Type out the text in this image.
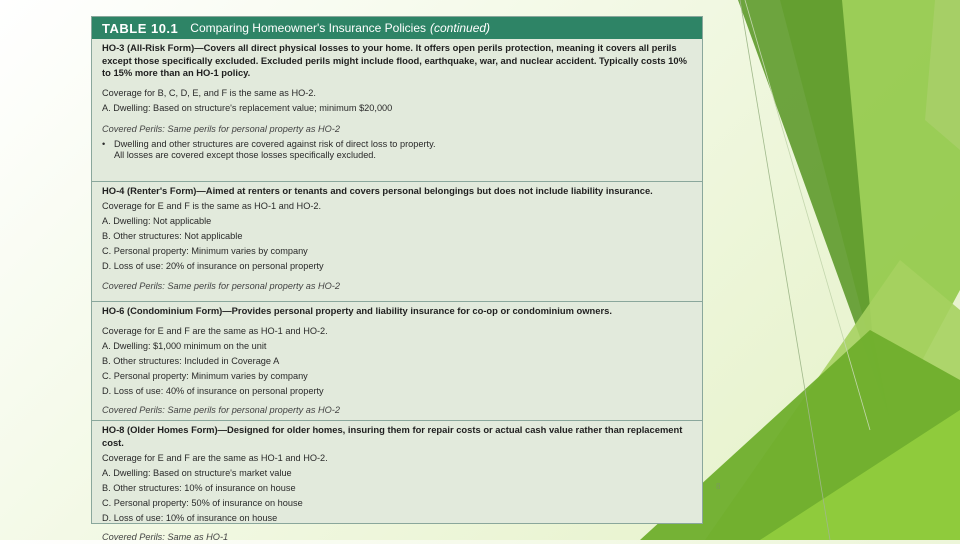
TABLE 10.1 Comparing Homeowner's Insurance Policies (continued)
HO-3 (All-Risk Form)—Covers all direct physical losses to your home. It offers open perils protection, meaning it covers all perils except those specifically excluded. Excluded perils might include flood, earthquake, war, and nuclear accident. Typically costs 10% to 15% more than an HO-1 policy.
Coverage for B, C, D, E, and F is the same as HO-2.
A. Dwelling: Based on structure's replacement value; minimum $20,000
Covered Perils: Same perils for personal property as HO-2
• Dwelling and other structures are covered against risk of direct loss to property.
All losses are covered except those losses specifically excluded.
HO-4 (Renter's Form)—Aimed at renters or tenants and covers personal belongings but does not include liability insurance.
Coverage for E and F is the same as HO-1 and HO-2.
A. Dwelling: Not applicable
B. Other structures: Not applicable
C. Personal property: Minimum varies by company
D. Loss of use: 20% of insurance on personal property
Covered Perils: Same perils for personal property as HO-2
HO-6 (Condominium Form)—Provides personal property and liability insurance for co-op or condominium owners.
Coverage for E and F are the same as HO-1 and HO-2.
A. Dwelling: $1,000 minimum on the unit
B. Other structures: Included in Coverage A
C. Personal property: Minimum varies by company
D. Loss of use: 40% of insurance on personal property
Covered Perils: Same perils for personal property as HO-2
HO-8 (Older Homes Form)—Designed for older homes, insuring them for repair costs or actual cash value rather than replacement cost.
Coverage for E and F are the same as HO-1 and HO-2.
A. Dwelling: Based on structure's market value
B. Other structures: 10% of insurance on house
C. Personal property: 50% of insurance on house
D. Loss of use: 10% of insurance on house
Covered Perils: Same as HO-1
8
